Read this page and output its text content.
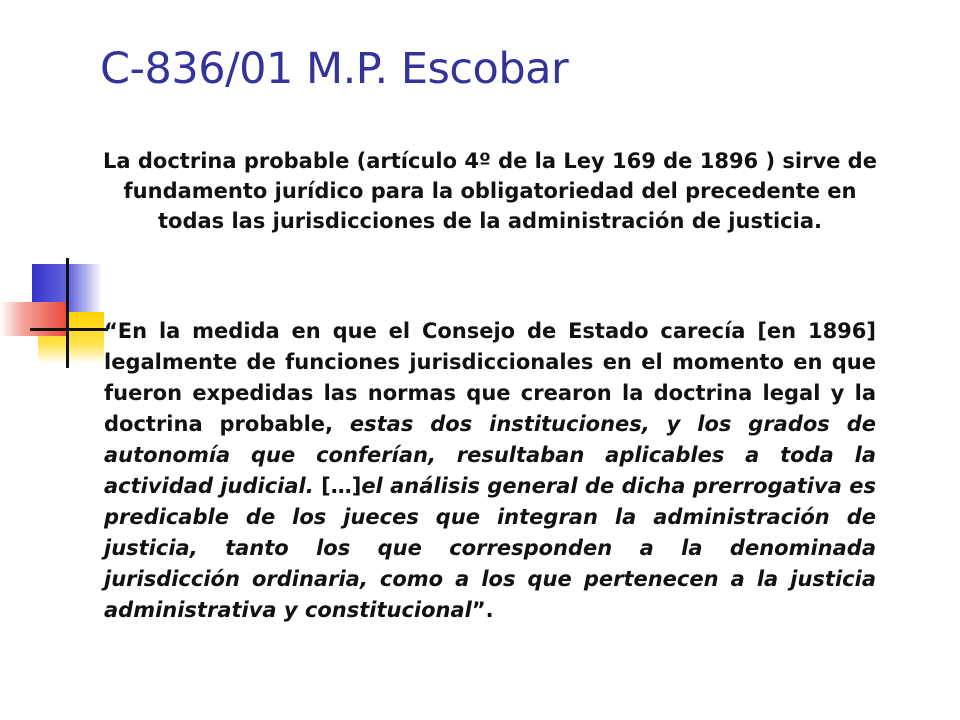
C-836/01 M.P. Escobar

La doctrina probable (artículo 4º de la Ley 169 de 1896 ) sirve de fundamento jurídico para la obligatoriedad del precedente en todas las jurisdicciones de la administración de justicia.

“En la medida en que el Consejo de Estado carecía [en 1896] legalmente de funciones jurisdiccionales en el momento en que fueron expedidas las normas que crearon la doctrina legal y la doctrina probable, estas dos instituciones, y los grados de autonomía que conferían, resultaban aplicables a toda la actividad judicial. […]el análisis general de dicha prerrogativa es predicable de los jueces que integran la administración de justicia, tanto los que corresponden a la denominada jurisdicción ordinaria, como a los que pertenecen a la justicia administrativa y constitucional”.
